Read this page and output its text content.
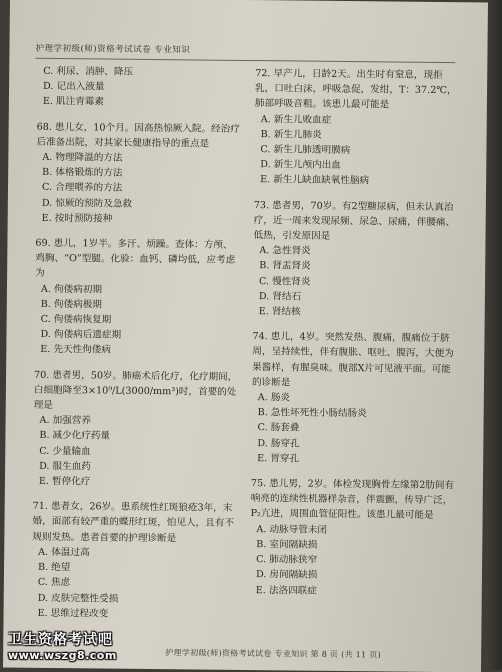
护理学初级(师)资格考试试卷 专业知识
C. 利尿、消肿、降压
D. 记出入液量
E. 肌注青霉素
68. 患儿女，10个月。因高热惊厥入院。经治疗后准备出院，对其家长健康指导的重点是
A. 物理降温的方法
B. 体格锻炼的方法
C. 合理喂养的方法
D. 惊厥的预防及急救
E. 按时预防接种
69. 患儿，1岁半。多汗、烦躁。查体：方颅、鸡胸、“O”型腿。化验：血钙、磷均低，应考虑为
A. 佝偻病初期
B. 佝偻病极期
C. 佝偻病恢复期
D. 佝偻病后遗症期
E. 先天性佝偻病
70. 患者男，50岁。肺癌术后化疗，化疗期间，白细胞降至3×10⁹/L(3000/mm³)时，首要的处理是
A. 加强营养
B. 减少化疗药量
C. 少量输血
D. 服生血药
E. 暂停化疗
71. 患者女，26岁。患系统性红斑狼疮3年，末婚，面部有较严重的蝶形红斑，怕见人，且有不规则发热。患者首要的护理诊断是
A. 体温过高
B. 绝望
C. 焦虑
D. 皮肤完整性受损
E. 思维过程改变
72. 早产儿，日龄2天。出生时有窒息，现拒乳，口吐白沫，呼吸急促，发绀，T：37.2℃，肺部呼吸音粗。该患儿最可能是
A. 新生儿败血症
B. 新生儿肺炎
C. 新生儿肺透明膜病
D. 新生儿颅内出血
E. 新生儿缺血缺氧性脑病
73. 患者男，70岁。有2型糖尿病，但未认真治疗，近一周来发现尿频、尿急、尿痛，伴腰痛、低热，引发原因是
A. 急性肾炎
B. 肾盂肾炎
C. 慢性肾炎
D. 肾结石
E. 肾结核
74. 患儿，4岁。突然发热、腹痛，腹痛位于脐周，呈持续性，伴有腹胀、呕吐、腹泻，大便为果酱样，有腥臭味。腹部X片可见液平面。可能的诊断是
A. 肠炎
B. 急性坏死性小肠结肠炎
C. 肠套叠
D. 肠穿孔
E. 胃穿孔
75. 患儿男，2岁。体检发现胸骨左缘第2肋间有响亮的连续性机器样杂音，伴震颤，传导广泛，P₂亢进，周围血管征阳性。该患儿最可能是
A. 动脉导管未闭
B. 室间隔缺损
C. 肺动脉狭窄
D. 房间隔缺损
E. 法洛四联症
护理学初级(师)资格考试试卷 专业知识 第 8 页 (共 11 页)
卫生资格考试吧
www.wszg8.com
